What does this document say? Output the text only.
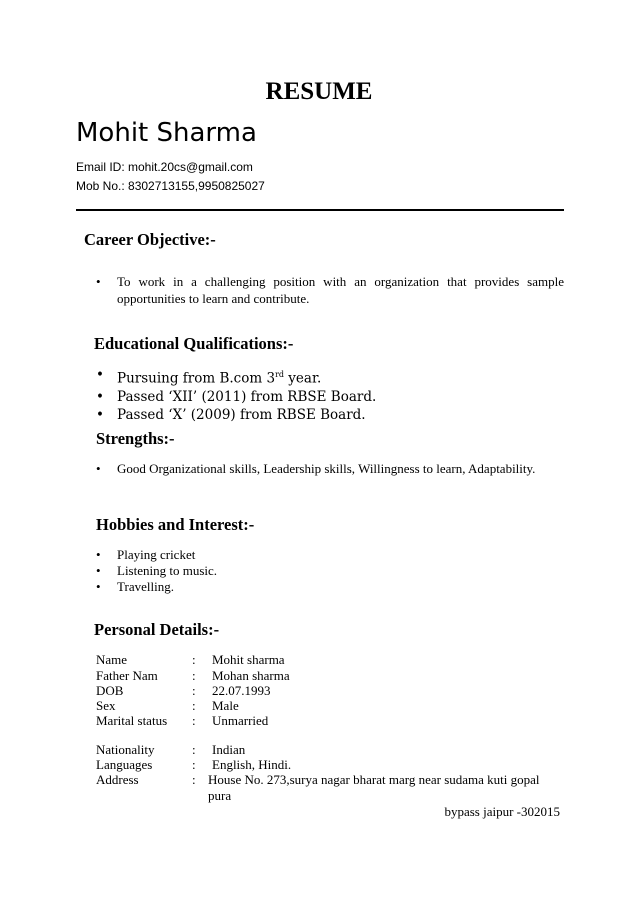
RESUME
Mohit Sharma
Email ID: mohit.20cs@gmail.com
Mob No.: 8302713155,9950825027
Career Objective:-
• To work in a challenging position with an organization that provides sample opportunities to learn and contribute.
Educational Qualifications:-
• Pursuing from B.com 3rd year.
• Passed ‘XII’ (2011) from RBSE Board.
• Passed ‘X’ (2009) from RBSE Board.
Strengths:-
• Good Organizational skills, Leadership skills, Willingness to learn, Adaptability.
Hobbies and Interest:-
• Playing cricket
• Listening to music.
• Travelling.
Personal Details:-
Name	: Mohit sharma
Father Nam	: Mohan sharma
DOB	: 22.07.1993
Sex	: Male
Marital status : Unmarried
Nationality	: Indian
Languages	: English, Hindi.
Address	: House No. 273,surya nagar bharat marg near sudama kuti gopal pura
bypass jaipur -302015
